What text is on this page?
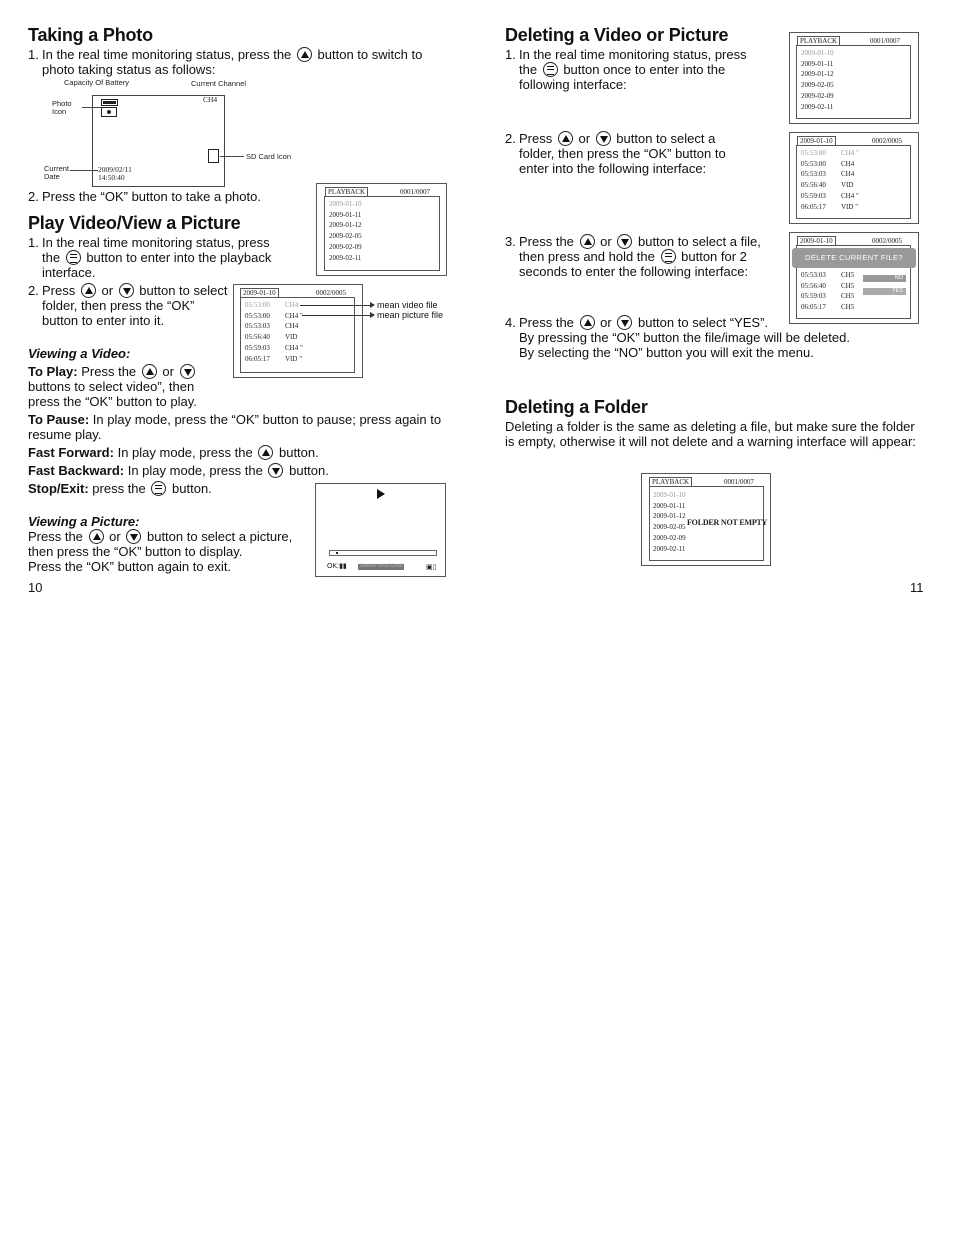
Taking a Photo
1. In the real time monitoring status, press the button to switch to photo taking status as follows:
Capacity Of Battery	Current Channel
Photo Icon
CH4
SD Card Icon
Current Date
2009/02/11
14:50:40
2. Press the “OK” button to take a photo.	PLAYBACK	0001/0007
2009-01-10
2009-01-11
2009-01-12
2009-02-05
2009-02-09
2009-02-11
Play Video/View a Picture
1. In the real time monitoring status, press the button to enter into the playback interface.
2. Press or button to select folder, then press the “OK” button to enter into it.
2009-01-10	0002/0005
05:53:00	CH4
05:53:00	CH4 "
05:53:03	CH4
05:56:40	VID
05:59:03	CH4 "
06:05:17	VID "
mean video file
mean picture file
Viewing a Video:
To Play: Press the or  buttons to select video”, then press the “OK” button to play.
To Pause: In play mode, press the “OK” button to pause; press again to resume play.
Fast Forward: In play mode, press the button.
Fast Backward: In play mode, press the button.
Stop/Exit: press the button.
OK:▮▮	2009-01-10 05:53:00	▣▯
Viewing a Picture:
Press the or button to select a picture,
then press the “OK” button to display.
Press the “OK” button again to exit.
10
Deleting a Video or Picture
1. In the real time monitoring status, press the button once to enter into the following interface:
PLAYBACK	0001/0007
2009-01-10
2009-01-11
2009-01-12
2009-02-05
2009-02-09
2009-02-11
2. Press or button to select a folder, then press the “OK” button to enter into the following interface:
2009-01-10	0002/0005
05:53:00	CH4 "
05:53:00	CH4
05:53:03	CH4
05:56:40	VID
05:59:03	CH4 "
06:05:17	VID "
3. Press the or button to select a file, then press and hold the button for 2 seconds to enter the following interface:
2009-01-10	0002/0005
DELETE CURRENT FILE?
05:53:03	CH5
05:56:40	CH5
05:59:03	CH5
06:05:17	CH5
NO
YES
4. Press the or button to select “YES”.
By pressing the “OK” button the file/image will be deleted.
By selecting the “NO” button you will exit the menu.
Deleting a Folder
Deleting a folder is the same as deleting a file, but make sure the folder is empty, otherwise it will not delete and a warning interface will appear:
PLAYBACK	0001/0007
2009-01-10
2009-01-11
2009-01-12
2009-02-05
2009-02-09
2009-02-11
FOLDER NOT EMPTY
11
